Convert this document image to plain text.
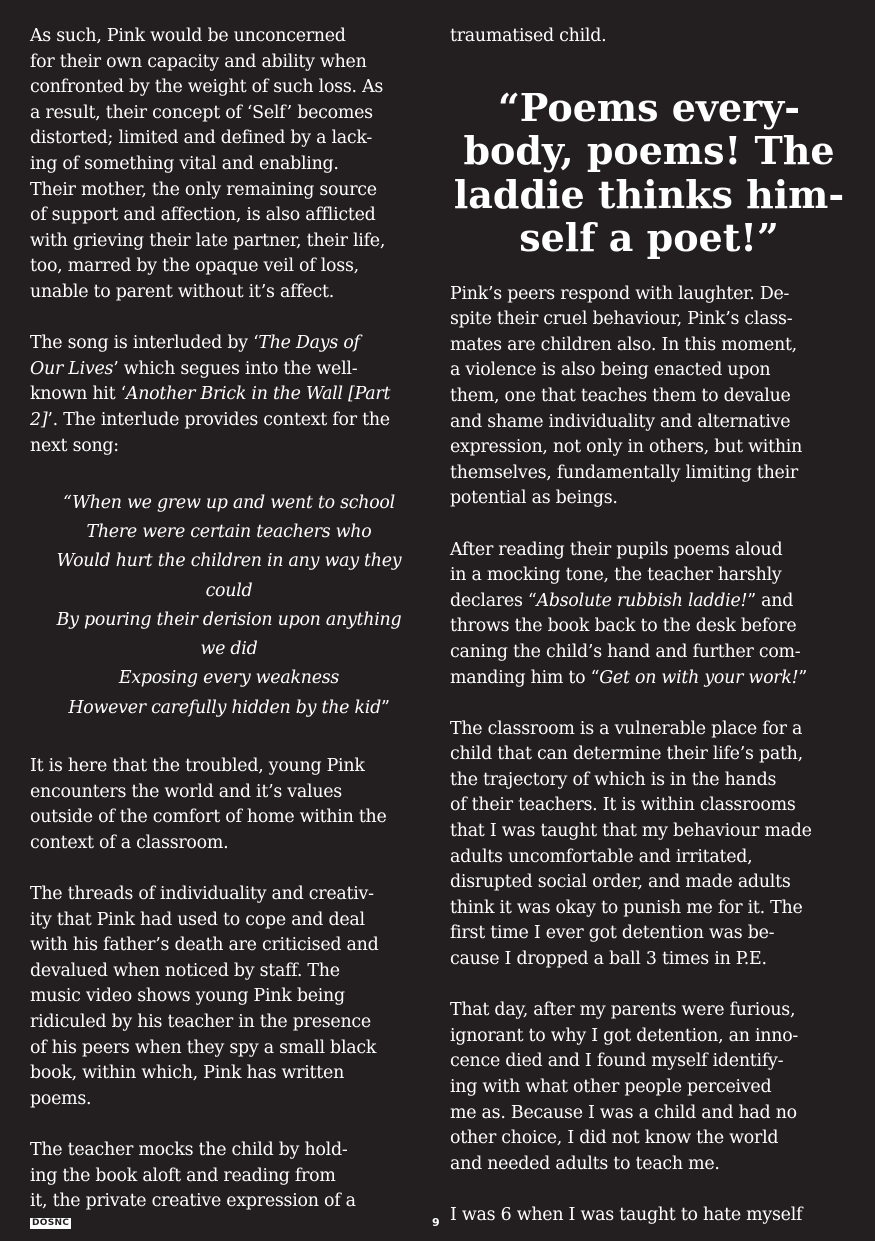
As such, Pink would be unconcerned
for their own capacity and ability when
confronted by the weight of such loss. As
a result, their concept of ‘Self’ becomes
distorted; limited and defined by a lack-
ing of something vital and enabling.
Their mother, the only remaining source
of support and affection, is also afflicted
with grieving their late partner, their life,
too, marred by the opaque veil of loss,
unable to parent without it’s affect.

The song is interluded by ‘The Days of
Our Lives’ which segues into the well-
known hit ‘Another Brick in the Wall [Part
2]’. The interlude provides context for the
next song:

“When we grew up and went to school
There were certain teachers who
Would hurt the children in any way they
could
By pouring their derision upon anything
we did
Exposing every weakness
However carefully hidden by the kid”

It is here that the troubled, young Pink
encounters the world and it’s values
outside of the comfort of home within the
context of a classroom.

The threads of individuality and creativ-
ity that Pink had used to cope and deal
with his father’s death are criticised and
devalued when noticed by staff. The
music video shows young Pink being
ridiculed by his teacher in the presence
of his peers when they spy a small black
book, within which, Pink has written
poems.

The teacher mocks the child by hold-
ing the book aloft and reading from
it, the private creative expression of a

traumatised child.

“Poems every-
body, poems! The
laddie thinks him-
self a poet!”

Pink’s peers respond with laughter. De-
spite their cruel behaviour, Pink’s class-
mates are children also. In this moment,
a violence is also being enacted upon
them, one that teaches them to devalue
and shame individuality and alternative
expression, not only in others, but within
themselves, fundamentally limiting their
potential as beings.

After reading their pupils poems aloud
in a mocking tone, the teacher harshly
declares “Absolute rubbish laddie!” and
throws the book back to the desk before
caning the child’s hand and further com-
manding him to “Get on with your work!”

The classroom is a vulnerable place for a
child that can determine their life’s path,
the trajectory of which is in the hands
of their teachers. It is within classrooms
that I was taught that my behaviour made
adults uncomfortable and irritated,
disrupted social order, and made adults
think it was okay to punish me for it. The
first time I ever got detention was be-
cause I dropped a ball 3 times in P.E.

That day, after my parents were furious,
ignorant to why I got detention, an inno-
cence died and I found myself identify-
ing with what other people perceived
me as. Because I was a child and had no
other choice, I did not know the world
and needed adults to teach me.

I was 6 when I was taught to hate myself

DOSNC	9
